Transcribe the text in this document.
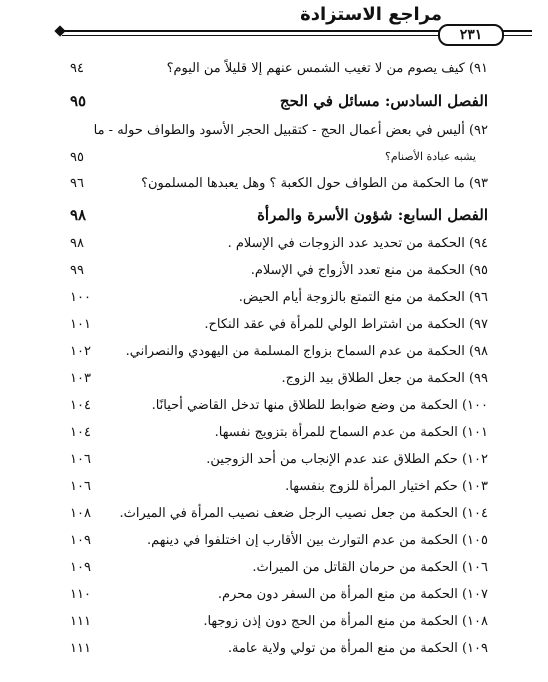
مراجع الاستزادة
٢٣١
٩١) كيف يصوم من لا تغيب الشمس عنهم إلا قليلاً من اليوم؟
٩٤
الفصل السادس: مسائل في الحج
٩٥
٩٢) أليس في بعض أعمال الحج - كتقبيل الحجر الأسود والطواف حوله - ما
يشبه عبادة الأصنام؟
٩٥
٩٣) ما الحكمة من الطواف حول الكعبة ؟ وهل يعبدها المسلمون؟
٩٦
الفصل السابع: شؤون الأسرة والمرأة
٩٨
٩٤) الحكمة من تحديد عدد الزوجات في الإسلام .
٩٨
٩٥) الحكمة من منع تعدد الأزواج في الإسلام.
٩٩
٩٦) الحكمة من منع التمتع بالزوجة أيام الحيض.
١٠٠
٩٧) الحكمة من اشتراط الولي للمرأة في عقد النكاح.
١٠١
٩٨) الحكمة من عدم السماح بزواج المسلمة من اليهودي والنصراني.
١٠٢
٩٩) الحكمة من جعل الطلاق بيد الزوج.
١٠٣
١٠٠) الحكمة من وضع ضوابط للطلاق منها تدخل القاضي أحيانًا.
١٠٤
١٠١) الحكمة من عدم السماح للمرأة بتزويج نفسها.
١٠٤
١٠٢) حكم الطلاق عند عدم الإنجاب من أحد الزوجين.
١٠٦
١٠٣) حكم اختيار المرأة للزوج بنفسها.
١٠٦
١٠٤) الحكمة من جعل نصيب الرجل ضعف نصيب المرأة في الميراث.
١٠٨
١٠٥) الحكمة من عدم التوارث بين الأقارب إن اختلفوا في دينهم.
١٠٩
١٠٦) الحكمة من حرمان القاتل من الميراث.
١٠٩
١٠٧) الحكمة من منع المرأة من السفر دون محرم.
١١٠
١٠٨) الحكمة من منع المرأة من الحج دون إذن زوجها.
١١١
١٠٩) الحكمة من منع المرأة من تولي ولاية عامة.
١١١
